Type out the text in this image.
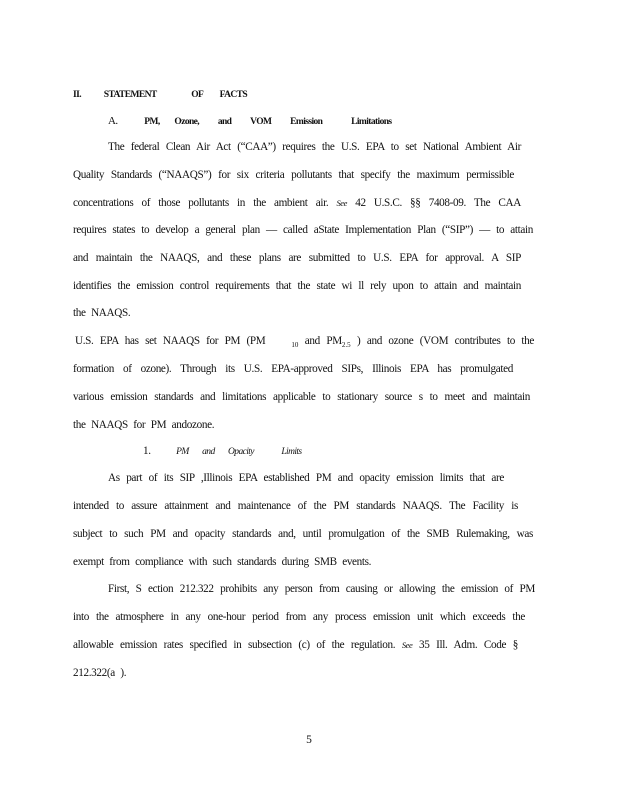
II. STATEMENT	OF FACTS
A.	PM, Ozone, and VOM Emission	Limitations
The federal Clean Air Act (“CAA”) requires the U.S. EPA to set National Ambient Air
Quality Standards (“NAAQS”) for six criteria pollutants that specify the maximum permissible
concentrations of those pollutants in the ambient air. See 42 U.S.C. §§ 7408-09. The CAA
requires states to develop a general plan — called aState Implementation Plan (“SIP”) — to attain
and maintain the NAAQS, and these plans are submitted to U.S. EPA for approval. A SIP
identifies the emission control requirements that the state wi ll rely upon to attain and maintain
the NAAQS.
U.S. EPA has set NAAQS for PM (PM	$_{10}$ and $PM_{2.5}$ ) and ozone (VOM contributes to the
formation of ozone). Through its U.S. EPA-approved SIPs, Illinois EPA has promulgated
various emission standards and limitations applicable to stationary source s to meet and maintain
the NAAQS for PM andozone.
1.	PM and Opacity	Limits
As part of its SIP ,Illinois EPA established PM and opacity emission limits that are
intended to assure attainment and maintenance of the PM standards NAAQS. The Facility is
subject to such PM and opacity standards and, until promulgation of the SMB Rulemaking, was
exempt from compliance with such standards during SMB events.
First, S ection 212.322 prohibits any person from causing or allowing the emission of PM
into the atmosphere in any one-hour period from any process emission unit which exceeds the
allowable emission rates specified in subsection (c) of the regulation. See 35 Ill. Adm. Code §
212.322(a ).
5
